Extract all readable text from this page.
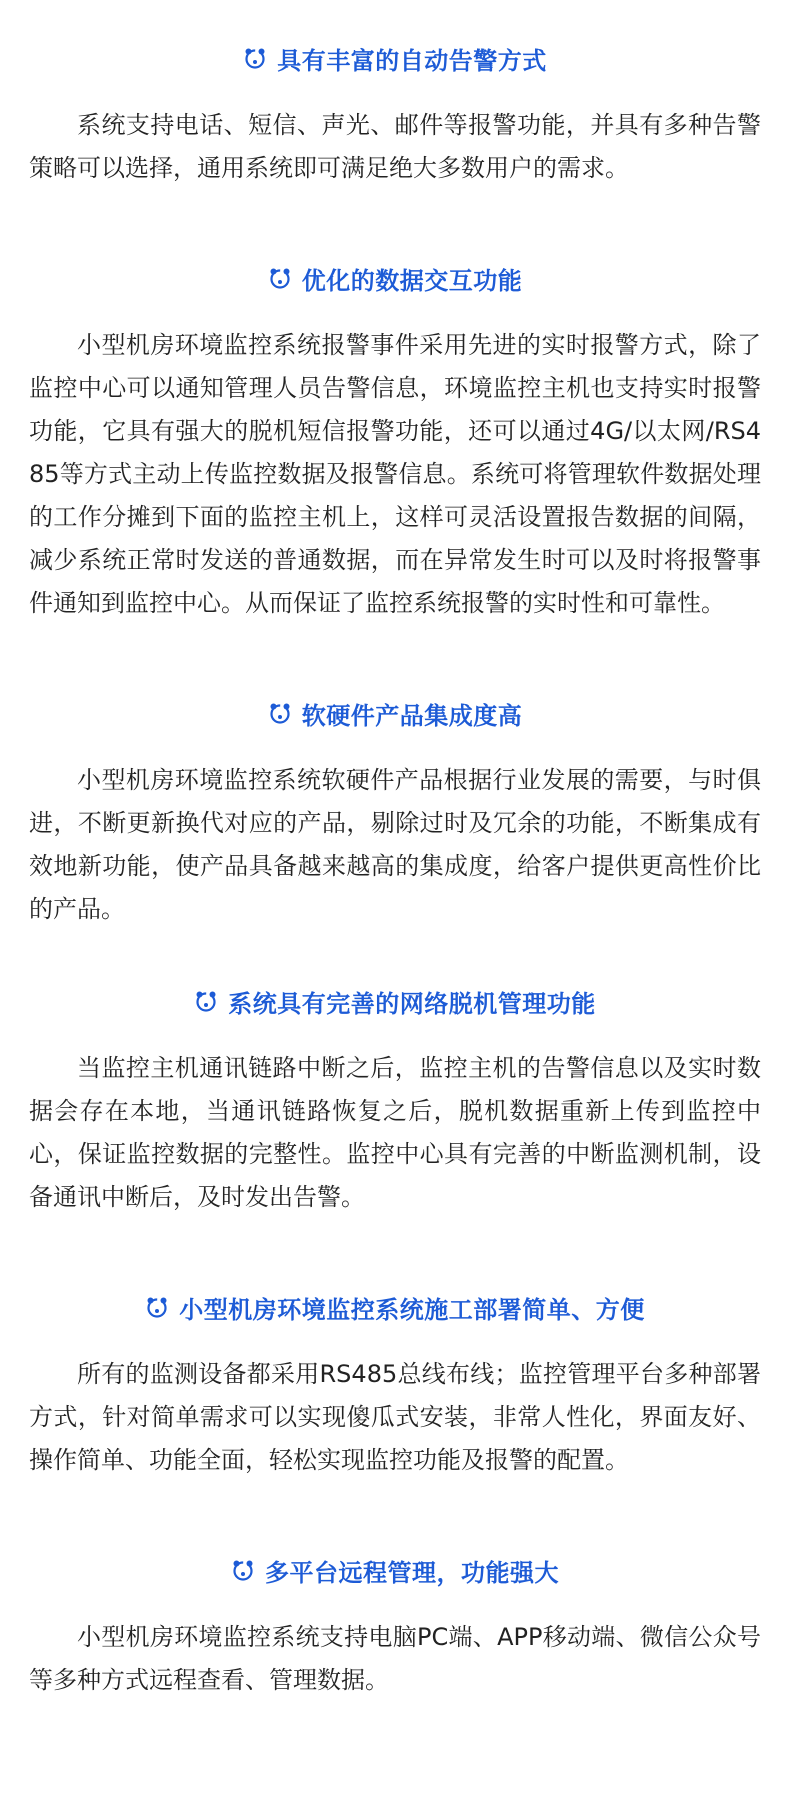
具有丰富的自动告警方式
系统支持电话、短信、声光、邮件等报警功能，并具有多种告警策略可以选择，通用系统即可满足绝大多数用户的需求。
优化的数据交互功能
小型机房环境监控系统报警事件采用先进的实时报警方式，除了监控中心可以通知管理人员告警信息，环境监控主机也支持实时报警功能，它具有强大的脱机短信报警功能，还可以通过4G/以太网/RS485等方式主动上传监控数据及报警信息。系统可将管理软件数据处理的工作分摊到下面的监控主机上，这样可灵活设置报告数据的间隔，减少系统正常时发送的普通数据，而在异常发生时可以及时将报警事件通知到监控中心。从而保证了监控系统报警的实时性和可靠性。
软硬件产品集成度高
小型机房环境监控系统软硬件产品根据行业发展的需要，与时俱进，不断更新换代对应的产品，剔除过时及冗余的功能，不断集成有效地新功能，使产品具备越来越高的集成度，给客户提供更高性价比的产品。
系统具有完善的网络脱机管理功能
当监控主机通讯链路中断之后，监控主机的告警信息以及实时数据会存在本地，当通讯链路恢复之后，脱机数据重新上传到监控中心，保证监控数据的完整性。监控中心具有完善的中断监测机制，设备通讯中断后，及时发出告警。
小型机房环境监控系统施工部署简单、方便
所有的监测设备都采用RS485总线布线；监控管理平台多种部署方式，针对简单需求可以实现傻瓜式安装，非常人性化，界面友好、操作简单、功能全面，轻松实现监控功能及报警的配置。
多平台远程管理，功能强大
小型机房环境监控系统支持电脑PC端、APP移动端、微信公众号等多种方式远程查看、管理数据。
